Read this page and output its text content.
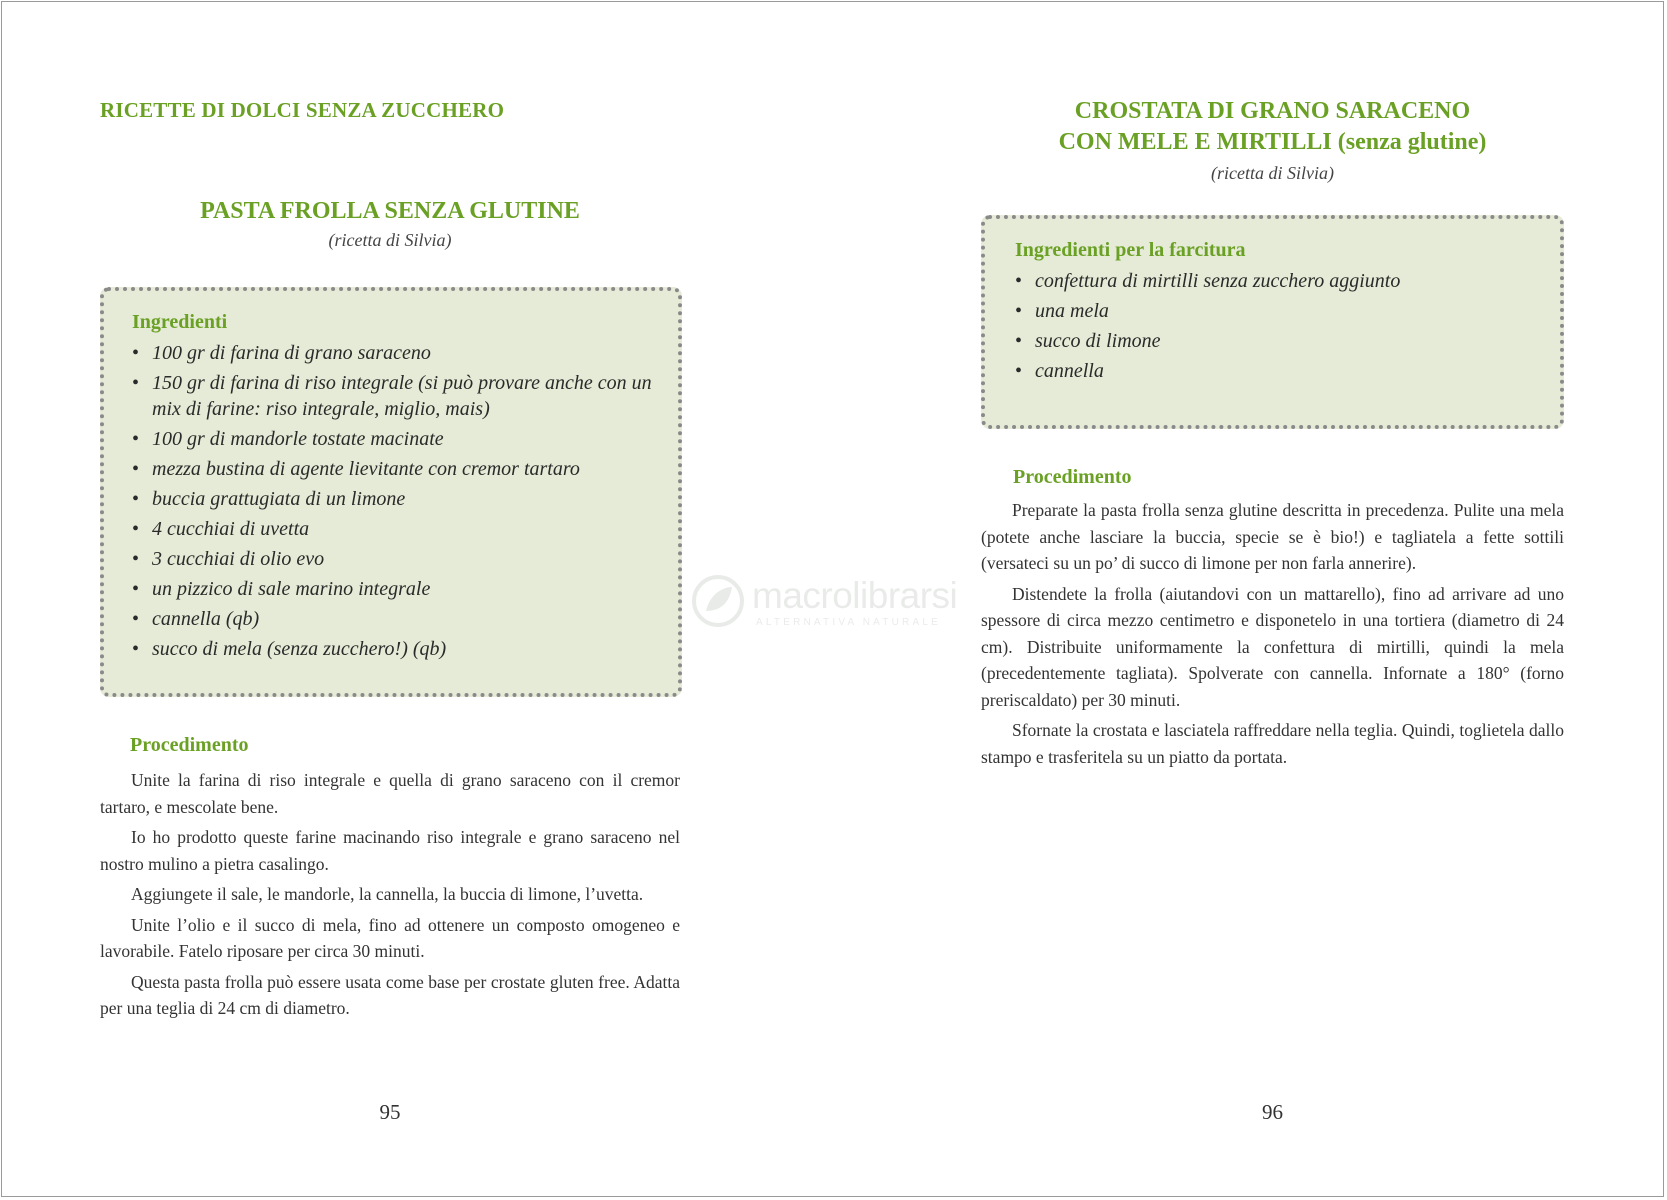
RICETTE DI DOLCI SENZA ZUCCHERO
PASTA FROLLA SENZA GLUTINE
(ricetta di Silvia)
Ingredienti
• 100 gr di farina di grano saraceno
• 150 gr di farina di riso integrale (si può provare anche con un mix di farine: riso integrale, miglio, mais)
• 100 gr di mandorle tostate macinate
• mezza bustina di agente lievitante con cremor tartaro
• buccia grattugiata di un limone
• 4 cucchiai di uvetta
• 3 cucchiai di olio evo
• un pizzico di sale marino integrale
• cannella (qb)
• succo di mela (senza zucchero!) (qb)
Procedimento

Unite la farina di riso integrale e quella di grano saraceno con il cremor tartaro, e mescolate bene.

Io ho prodotto queste farine macinando riso integrale e grano saraceno nel nostro mulino a pietra casalingo.

Aggiungete il sale, le mandorle, la cannella, la buccia di limone, l’uvetta.

Unite l’olio e il succo di mela, fino ad ottenere un composto omogeneo e lavorabile. Fatelo riposare per circa 30 minuti.

Questa pasta frolla può essere usata come base per crostate gluten free. Adatta per una teglia di 24 cm di diametro.

95
CROSTATA DI GRANO SARACENO
CON MELE E MIRTILLI (senza glutine)
(ricetta di Silvia)
Ingredienti per la farcitura
• confettura di mirtilli senza zucchero aggiunto
• una mela
• succo di limone
• cannella
Procedimento

Preparate la pasta frolla senza glutine descritta in precedenza. Pulite una mela (potete anche lasciare la buccia, specie se è bio!) e tagliatela a fette sottili (versateci su un po’ di succo di limone per non farla annerire).

Distendete la frolla (aiutandovi con un mattarello), fino ad arrivare ad uno spessore di circa mezzo centimetro e disponetelo in una tortiera (diametro di 24 cm). Distribuite uniformamente la confettura di mirtilli, quindi la mela (precedentemente tagliata). Spolverate con cannella. Infornate a 180° (forno preriscaldato) per 30 minuti.

Sfornate la crostata e lasciatela raffreddare nella teglia. Quindi, toglietela dallo stampo e trasferitela su un piatto da portata.

96
macrolibrarsi
ALTERNATIVA NATURALE
